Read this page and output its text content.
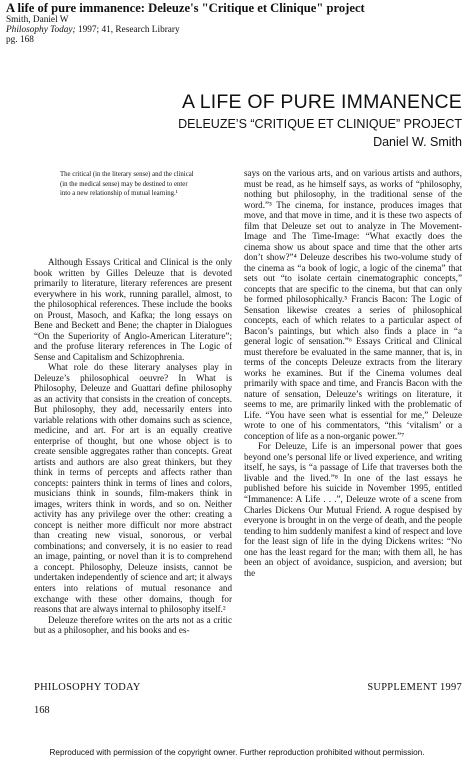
A life of pure immanence: Deleuze's "Critique et Clinique" project
Smith, Daniel W
Philosophy Today; 1997; 41, Research Library
pg. 168
A LIFE OF PURE IMMANENCE
DELEUZE’S “CRITIQUE ET CLINIQUE” PROJECT
Daniel W. Smith
The critical (in the literary sense) and the clinical (in the medical sense) may be destined to enter into a new relationship of mutual learning.¹

Although Essays Critical and Clinical is the only book written by Gilles Deleuze that is devoted primarily to literature, literary references are present everywhere in his work, running parallel, almost, to the philosophical references. These include the books on Proust, Masoch, and Kafka; the long essays on Bene and Beckett and Bene; the chapter in Dialogues “On the Superiority of Anglo-American Literature”; and the profuse literary references in The Logic of Sense and Capitalism and Schizophrenia.

What role do these literary analyses play in Deleuze’s philosophical oeuvre? In What is Philosophy, Deleuze and Guattari define philosophy as an activity that consists in the creation of concepts. But philosophy, they add, necessarily enters into variable relations with other domains such as science, medicine, and art. For art is an equally creative enterprise of thought, but one whose object is to create sensible aggregates rather than concepts. Great artists and authors are also great thinkers, but they think in terms of percepts and affects rather than concepts: painters think in terms of lines and colors, musicians think in sounds, film-makers think in images, writers think in words, and so on. Neither activity has any privilege over the other: creating a concept is neither more difficult nor more abstract than creating new visual, sonorous, or verbal combinations; and conversely, it is no easier to read an image, painting, or novel than it is to comprehend a concept. Philosophy, Deleuze insists, cannot be undertaken independently of science and art; it always enters into relations of mutual resonance and exchange with these other domains, though for reasons that are always internal to philosophy itself.²

Deleuze therefore writes on the arts not as a critic but as a philosopher, and his books and es-

says on the various arts, and on various artists and authors, must be read, as he himself says, as works of “philosophy, nothing but philosophy, in the traditional sense of the word.”³ The cinema, for instance, produces images that move, and that move in time, and it is these two aspects of film that Deleuze set out to analyze in The Movement-Image and The Time-Image: “What exactly does the cinema show us about space and time that the other arts don’t show?”⁴ Deleuze describes his two-volume study of the cinema as “a book of logic, a logic of the cinema” that sets out “to isolate certain cinematographic concepts,” concepts that are specific to the cinema, but that can only be formed philosophically.⁵ Francis Bacon: The Logic of Sensation likewise creates a series of philosophical concepts, each of which relates to a particular aspect of Bacon’s paintings, but which also finds a place in “a general logic of sensation.”⁶ Essays Critical and Clinical must therefore be evaluated in the same manner, that is, in terms of the concepts Deleuze extracts from the literary works he examines. But if the Cinema volumes deal primarily with space and time, and Francis Bacon with the nature of sensation, Deleuze’s writings on literature, it seems to me, are primarily linked with the problematic of Life. “You have seen what is essential for me,” Deleuze wrote to one of his commentators, “this ‘vitalism’ or a conception of life as a non-organic power.”⁷

For Deleuze, Life is an impersonal power that goes beyond one’s personal life or lived experience, and writing itself, he says, is “a passage of Life that traverses both the livable and the lived.”⁸ In one of the last essays he published before his suicide in November 1995, entitled “Immanence: A Life . . .”, Deleuze wrote of a scene from Charles Dickens Our Mutual Friend. A rogue despised by everyone is brought in on the verge of death, and the people tending to him suddenly manifest a kind of respect and love for the least sign of life in the dying Dickens writes: “No one has the least regard for the man; with them all, he has been an object of avoidance, suspicion, and aversion; but the

PHILOSOPHY TODAY	SUPPLEMENT 1997
168
Reproduced with permission of the copyright owner. Further reproduction prohibited without permission.
